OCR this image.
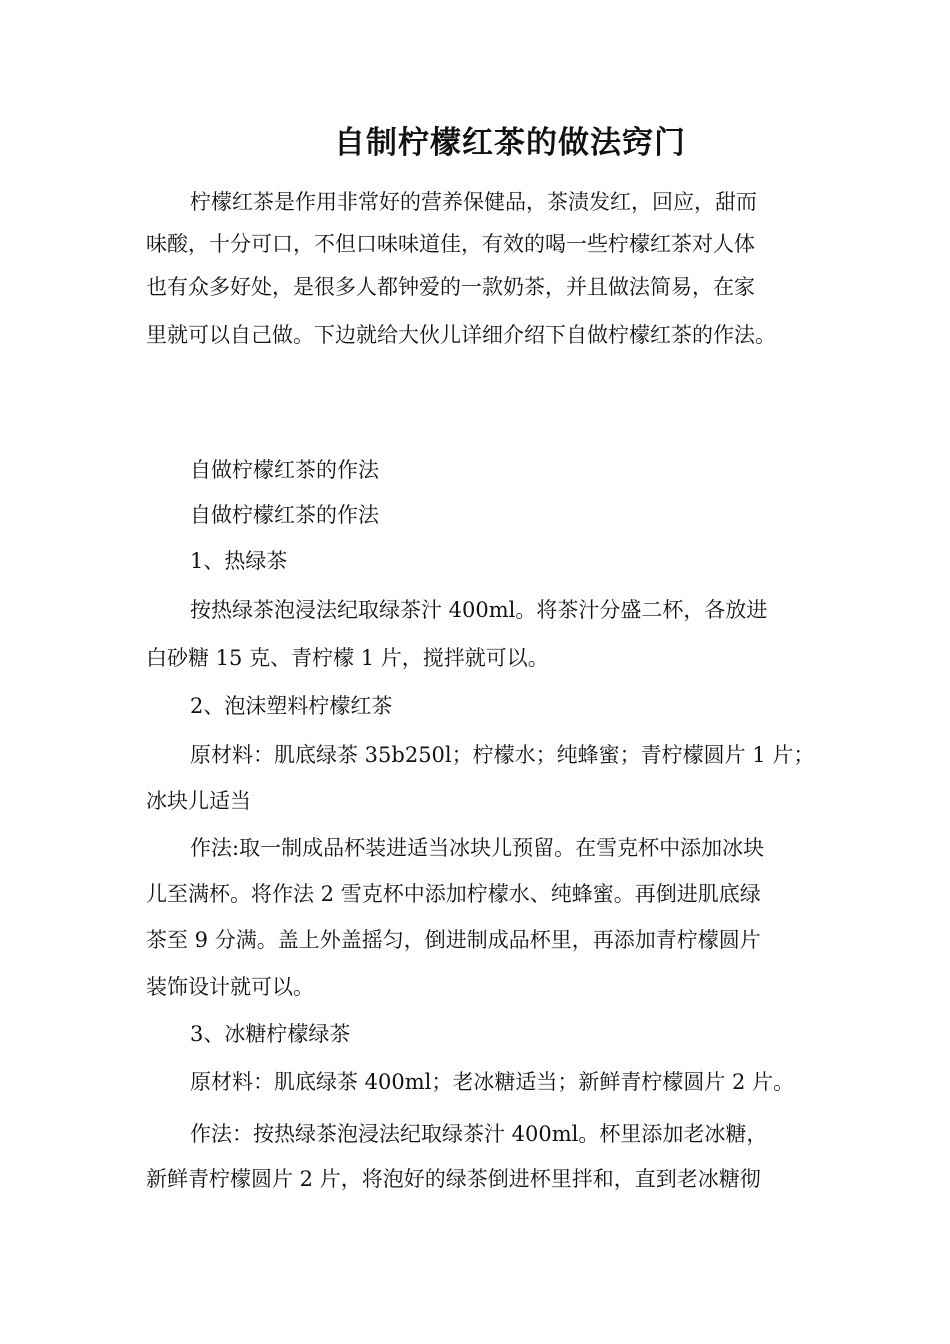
自制柠檬红茶的做法窍门

柠檬红茶是作用非常好的营养保健品，茶渍发红，回应，甜而

味酸，十分可口，不但口味味道佳，有效的喝一些柠檬红茶对人体

也有众多好处，是很多人都钟爱的一款奶茶，并且做法简易，在家

里就可以自己做。下边就给大伙儿详细介绍下自做柠檬红茶的作法。

自做柠檬红茶的作法

自做柠檬红茶的作法

1、热绿茶

按热绿茶泡浸法纪取绿茶汁 400ml。将茶汁分盛二杯，各放进

白砂糖 15 克、青柠檬 1 片，搅拌就可以。

2、泡沫塑料柠檬红茶

原材料：肌底绿茶 35b250l；柠檬水；纯蜂蜜；青柠檬圆片 1 片；

冰块儿适当

作法:取一制成品杯装进适当冰块儿预留。在雪克杯中添加冰块

儿至满杯。将作法 2 雪克杯中添加柠檬水、纯蜂蜜。再倒进肌底绿

茶至 9 分满。盖上外盖摇匀，倒进制成品杯里，再添加青柠檬圆片

装饰设计就可以。

3、冰糖柠檬绿茶

原材料：肌底绿茶 400ml；老冰糖适当；新鲜青柠檬圆片 2 片。

作法：按热绿茶泡浸法纪取绿茶汁 400ml。杯里添加老冰糖，

新鲜青柠檬圆片 2 片，将泡好的绿茶倒进杯里拌和，直到老冰糖彻
